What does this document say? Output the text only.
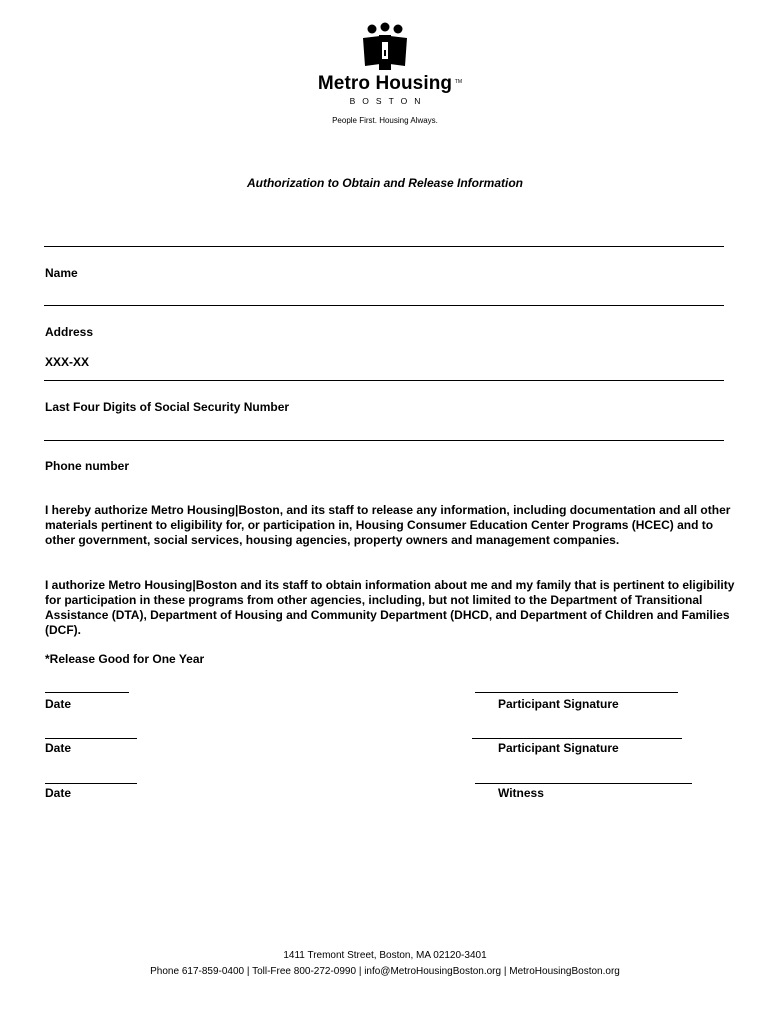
Metro Housing TM
BOSTON
People First. Housing Always.
Authorization to Obtain and Release Information
Name
Address
XXX-XX
Last Four Digits of Social Security Number
Phone number

I hereby authorize Metro Housing|Boston, and its staff to release any information, including documentation and all other materials pertinent to eligibility for, or participation in, Housing Consumer Education Center Programs (HCEC) and to other government, social services, housing agencies, property owners and management companies.

I authorize Metro Housing|Boston and its staff to obtain information about me and my family that is pertinent to eligibility for participation in these programs from other agencies, including, but not limited to the Department of Transitional Assistance (DTA), Department of Housing and Community Department (DHCD, and Department of Children and Families (DCF).

*Release Good for One Year
Date	Participant Signature
Date	Participant Signature
Date	Witness
1411 Tremont Street, Boston, MA 02120-3401
Phone 617-859-0400 | Toll-Free 800-272-0990 | info@MetroHousingBoston.org | MetroHousingBoston.org
